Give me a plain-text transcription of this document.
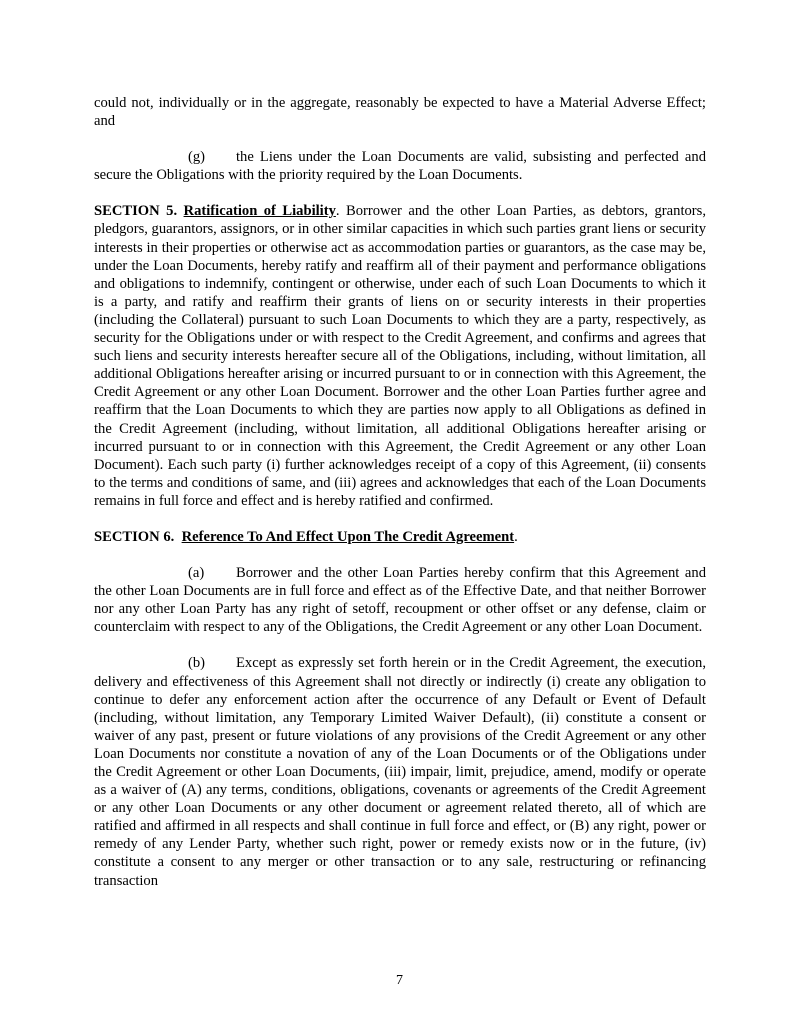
could not, individually or in the aggregate, reasonably be expected to have a Material Adverse Effect; and

(g) the Liens under the Loan Documents are valid, subsisting and perfected and secure the Obligations with the priority required by the Loan Documents.

SECTION 5. Ratification of Liability. Borrower and the other Loan Parties, as debtors, grantors, pledgors, guarantors, assignors, or in other similar capacities in which such parties grant liens or security interests in their properties or otherwise act as accommodation parties or guarantors, as the case may be, under the Loan Documents, hereby ratify and reaffirm all of their payment and performance obligations and obligations to indemnify, contingent or otherwise, under each of such Loan Documents to which it is a party, and ratify and reaffirm their grants of liens on or security interests in their properties (including the Collateral) pursuant to such Loan Documents to which they are a party, respectively, as security for the Obligations under or with respect to the Credit Agreement, and confirms and agrees that such liens and security interests hereafter secure all of the Obligations, including, without limitation, all additional Obligations hereafter arising or incurred pursuant to or in connection with this Agreement, the Credit Agreement or any other Loan Document. Borrower and the other Loan Parties further agree and reaffirm that the Loan Documents to which they are parties now apply to all Obligations as defined in the Credit Agreement (including, without limitation, all additional Obligations hereafter arising or incurred pursuant to or in connection with this Agreement, the Credit Agreement or any other Loan Document). Each such party (i) further acknowledges receipt of a copy of this Agreement, (ii) consents to the terms and conditions of same, and (iii) agrees and acknowledges that each of the Loan Documents remains in full force and effect and is hereby ratified and confirmed.

SECTION 6. Reference To And Effect Upon The Credit Agreement.

(a) Borrower and the other Loan Parties hereby confirm that this Agreement and the other Loan Documents are in full force and effect as of the Effective Date, and that neither Borrower nor any other Loan Party has any right of setoff, recoupment or other offset or any defense, claim or counterclaim with respect to any of the Obligations, the Credit Agreement or any other Loan Document.

(b) Except as expressly set forth herein or in the Credit Agreement, the execution, delivery and effectiveness of this Agreement shall not directly or indirectly (i) create any obligation to continue to defer any enforcement action after the occurrence of any Default or Event of Default (including, without limitation, any Temporary Limited Waiver Default), (ii) constitute a consent or waiver of any past, present or future violations of any provisions of the Credit Agreement or any other Loan Documents nor constitute a novation of any of the Loan Documents or of the Obligations under the Credit Agreement or other Loan Documents, (iii) impair, limit, prejudice, amend, modify or operate as a waiver of (A) any terms, conditions, obligations, covenants or agreements of the Credit Agreement or any other Loan Documents or any other document or agreement related thereto, all of which are ratified and affirmed in all respects and shall continue in full force and effect, or (B) any right, power or remedy of any Lender Party, whether such right, power or remedy exists now or in the future, (iv) constitute a consent to any merger or other transaction or to any sale, restructuring or refinancing transaction

7
